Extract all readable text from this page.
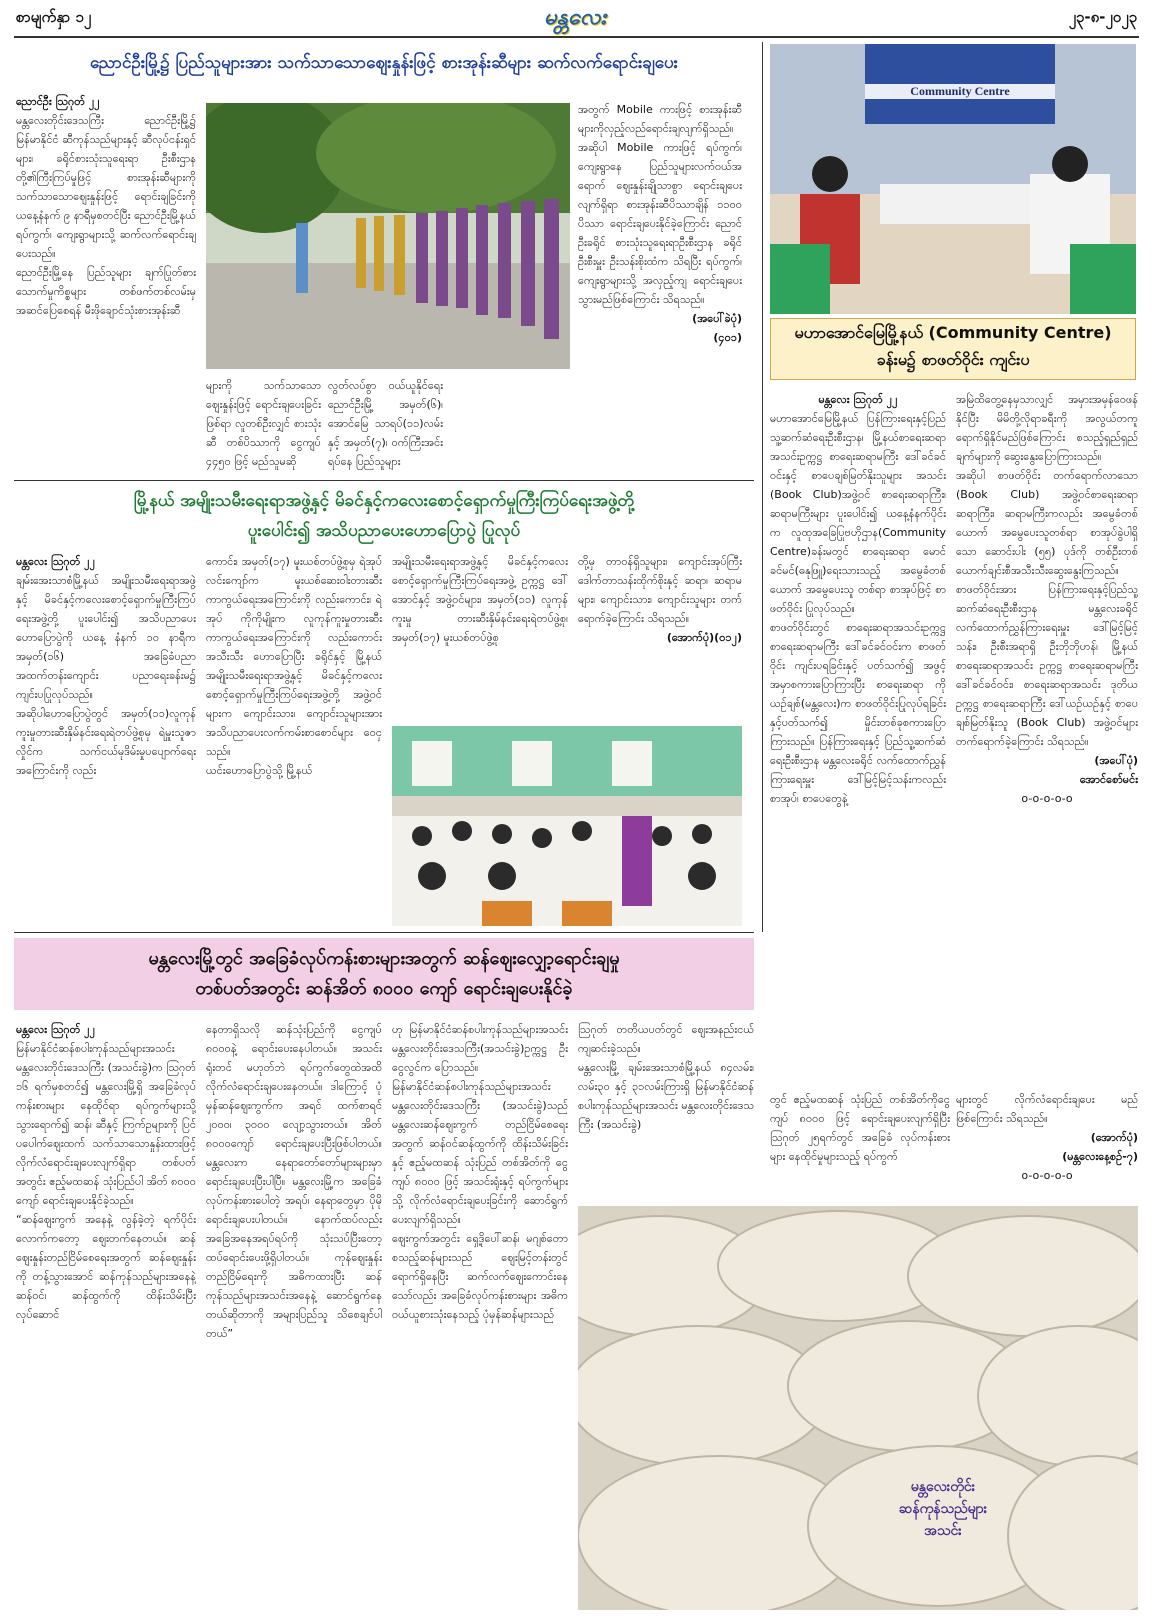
စာမျက်နှာ ၁၂	မန္တလေး	၂၃-၈-၂၀၂၃
ညောင်ဦးမြို့၌ ပြည်သူများအား သက်သာသောဈေးနှုန်းဖြင့် စားအုန်းဆီများ ဆက်လက်ရောင်းချပေး
ညောင်ဦး ဩဂုတ် ၂၂
မန္တလေးတိုင်းဒေသကြီး ညောင်ဦးမြို့၌ မြန်မာနိုင်ငံ ဆီကုန်သည်များနှင့် ဆီလုပ်ငန်းရှင်များ၊ ခရိုင်စားသုံးသူရေးရာ ဦးစီးဌာနတို့၏ကြီးကြပ်မှုဖြင့် စားအုန်းဆီများကို သက်သာသောဈေးနှုန်းဖြင့် ရောင်းချခြင်းကို ယနေ့နံနက် ၉ နာရီမှစတင်ပြီး ညောင်ဦးမြို့နယ် ရပ်ကွက်၊ ကျေးရွာများသို့ ဆက်လက်ရောင်းချပေးသည်။
ညောင်ဦးမြို့နေ ပြည်သူများ ချက်ပြုတ်စားသောက်မှုကိစ္စများ တစ်ဖက်တစ်လမ်းမှအဆင်ပြေစေရန် မီးဖိုချောင်သုံးစားအုန်းဆီ
များကို သက်သာသောဈေးနှုန်းဖြင့် ရောင်းချပေးခြင်းဖြစ်ရာ လူတစ်ဦးလျှင် စားသုံးဆီ တစ်ပိဿာကို ငွေကျပ် ၄၄၅၀ ဖြင့် မည်သူမဆို
လွတ်လပ်စွာ ဝယ်ယူနိုင်ရေး ညောင်ဦးမြို့ အမှတ်(၆)၊ အောင်မြေ သာရပ်(၁၁)လမ်းနှင့် အမှတ်(၇)၊ ဝက်ကြီးအင်းရပ်နေ ပြည်သူများ
အတွက် Mobile ကားဖြင့် စားအုန်းဆီများကိုလှည့်လည်ရောင်းချလျက်ရှိသည်။ အဆိုပါ Mobile ကားဖြင့် ရပ်ကွက်၊ ကျေးရွာနေ ပြည်သူများလက်ဝယ်အရောက် ဈေးနှုန်းချိုသာစွာ ရောင်းချပေးလျက်ရှိရာ စားအုန်းဆီပိဿာချိန် ၁၁၀၀ ပိဿာ ရောင်းချပေးနိုင်ခဲ့ကြောင်း ညောင်ဦးခရိုင် စားသုံးသူရေးရာဦးစီးဌာန ခရိုင်ဦးစီးမှူး ဦးသန်းစိုးထံက သိရပြီး ရပ်ကွက်၊ ကျေးရွာများသို့ အလှည့်ကျ ရောင်းချပေးသွားမည်ဖြစ်ကြောင်း သိရသည်။
(အပေါ်ခဲပုံ)
(၄၀၁)
Community Centre
မဟာအောင်မြေမြို့နယ် (Community Centre)
ခန်းမ၌ စာဖတ်ဝိုင်း ကျင်းပ
မန္တလေး ဩဂုတ် ၂၂
မဟာအောင်မြေမြို့နယ် ပြန်ကြားရေးနှင့်ပြည်သူ့ဆက်ဆံရေးဦးစီးဌာန၊ မြို့နယ်စာရေးဆရာအသင်းဥက္ကဋ္ဌ စာရေးဆရာမကြီး ဒေါ်ခင်ခင်ဝင်းနှင့် စာပေချစ်မြတ်နိုးသူများ အသင်း (Book Club)အဖွဲ့ဝင် စာရေးဆရာကြီး၊ ဆရာမကြီးများ ပူးပေါင်း၍ ယနေ့နံနက်ပိုင်းက လူထုအခြေပြုဗဟိုဌာန(Community Centre)ခန်းမတွင် စာရေးဆရာ မောင်ခင်မင်(ဓနုဖြူ)ရေးသားသည့် အမွေခံတစ်ယောက် အမွေပေးသူ တစ်ရာ စာအုပ်ဖြင့် စာဖတ်ဝိုင်း ပြုလုပ်သည်။
စာဖတ်ဝိုင်းတွင် စာရေးဆရာအသင်းဥက္ကဋ္ဌ စာရေးဆရာမကြီး ဒေါ်ခင်ခင်ဝင်းက စာဖတ်ဝိုင်း ကျင်းပရခြင်းနှင့် ပတ်သက်၍ အဖွင့်အမှာစကားပြောကြားပြီး စာရေးဆရာ ကိုယဉ်ချစ်(မန္တလေး)က စာဖတ်ဝိုင်းပြုလုပ်ရခြင်းနှင့်ပတ်သက်၍ မှိုင်းတစ်ခုစကားပြောကြားသည်။ ပြန်ကြားရေးနှင့် ပြည်သူ့ဆက်ဆံရေးဦးစီးဌာန မန္တလေးခရိုင် လက်ထောက်ညွှန်ကြားရေးမှူး ဒေါ်မြင့်မြင့်သန်းကလည်း စာအုပ်၊ စာပေတွေနဲ့
အမြဲထိတွေ့နေမှသာလျှင် အမှားအမှန်ဝေဖန်နိုင်ပြီး မိမိတို့လိုရာခရီးကို အလွယ်တကူ ရောက်ရှိနိုင်မည်ဖြစ်ကြောင်း စသည့်ရှည်ရှည်ချက်များကို ဆွေးနွေးပြောကြားသည်။
အဆိုပါ စာဖတ်ဝိုင်း တက်ရောက်လာသော (Book Club) အဖွဲ့ဝင်စာရေးဆရာ ဆရာကြီး၊ ဆရာမကြီးကလည်း အမွေခံတစ်ယောက် အမွေပေးသူတစ်ရာ စာအုပ်ခွဲပါရှိသော ဆောင်းပါး (၅၅) ပုဒ်ကို တစ်ဦးတစ်ယောက်ချင်းစီအသီးသီးဆွေးနွေးကြသည်။
စာဖတ်ဝိုင်းအား ပြန်ကြားရေးနှင့်ပြည်သူ့ဆက်ဆံရေးဦးစီးဌာန မန္တလေးခရိုင် လက်ထောက်ညွှန်ကြားရေးမှူး ဒေါ်မြင့်မြင့်သန်း၊ ဦးစီးအရာရှိ ဦးဘိုဘိုဟန်၊ မြို့နယ်စာရေးဆရာအသင်း ဥက္ကဋ္ဌ စာရေးဆရာမကြီး ဒေါ်ခင်ခင်ဝင်း၊ စာရေးဆရာအသင်း ဒုတိယဥက္ကဋ္ဌ စာရေးဆရာကြီး ဒေါ်ယဉ်ယဉ်နှင့် စာပေ ချစ်မြတ်နိုးသူ (Book Club) အဖွဲ့ဝင်များ တက်ရောက်ခဲ့ကြောင်း သိရသည်။
(အပေါ်ပုံ)
အောင်စော်မင်း
o-o-o-o-o
မြို့နယ် အမျိုးသမီးရေးရာအဖွဲ့နှင့် မိခင်နှင့်ကလေးစောင့်ရှောက်မှုကြီးကြပ်ရေးအဖွဲ့တို့
ပူးပေါင်း၍ အသိပညာပေးဟောပြောပွဲ ပြုလုပ်
မန္တလေး ဩဂုတ် ၂၂
ချမ်းအေးသာစံမြို့နယ် အမျိုးသမီးရေးရာအဖွဲ့နှင့် မိခင်နှင့်ကလေးစောင့်ရှောက်မှုကြီးကြပ်ရေးအဖွဲ့တို့ ပူးပေါင်း၍ အသိပညာပေးဟောပြောပွဲကို ယနေ့ နံနက် ၁၀ နာရီက အမှတ်(၁၆) အခြေခံပညာ အထက်တန်းကျောင်း ပညာရေးခန်းမ၌ ကျင်းပပြုလုပ်သည်။
အဆိုပါဟောပြောပွဲတွင် အမှတ်(၁၁)လူကုန်ကူးမှုတားဆီးနှိမ်နင်းရေးရဲတပ်ဖွဲ့စုမှ ရဲမှူးသူဇာလှိုင်က သက်ငယ်မုဒိမ်းမှုပပျောက်ရေးအကြောင်းကို လည်း
ကောင်း၊ အမှတ်(၁၇) မူးယစ်တပ်ဖွဲ့စုမှ ရဲအုပ် လင်းကျော်က မူးယစ်ဆေးဝါးတားဆီးကာကွယ်ရေးအကြောင်းကို လည်းကောင်း၊ ရဲအုပ် ကိုကိုမျိုးက လူကုန်ကူးမှုတားဆီးကာကွယ်ရေးအကြောင်းကို လည်းကောင်း အသီးသီး ဟောပြောပြီး ခရိုင်နှင့် မြို့နယ် အမျိုးသမီးရေးရာအဖွဲ့နှင့် မိခင်နှင့်ကလေး စောင့်ရှောက်မှုကြီးကြပ်ရေးအဖွဲ့တို့ အဖွဲ့ဝင်များက ကျောင်းသား၊ ကျောင်းသူများအား အသိပညာပေးလက်ကမ်းစာစောင်များ ဝေငှသည်။
ယင်းဟောပြောပွဲသို့ မြို့နယ်
အမျိုးသမီးရေးရာအဖွဲ့နှင့် မိခင်နှင့်ကလေးစောင့်ရှောက်မှုကြီးကြပ်ရေးအဖွဲ့ ဥက္ကဋ္ဌ ဒေါ်အောင်နှင့် အဖွဲ့ဝင်များ၊ အမှတ်(၁၁) လူကုန်ကူးမှု တားဆီးနှိမ်နင်းရေးရဲတပ်ဖွဲ့စု၊ အမှတ်(၁၇) မူးယစ်တပ်ဖွဲ့စု
တို့မှ တာဝန်ရှိသူများ၊ ကျောင်းအုပ်ကြီး ဒေါက်တာသန်းထိုက်စိုးနှင့် ဆရာ၊ ဆရာမများ၊ ကျောင်းသား၊ ကျောင်းသူများ တက်ရောက်ခဲ့ကြောင်း သိရသည်။
(အောက်ပုံ)(၀၁၂)
မန္တလေးမြို့တွင် အခြေခံလုပ်ကန်းစားများအတွက် ဆန်ဈေးလျှော့ရောင်းချမှု
တစ်ပတ်အတွင်း ဆန်အိတ် ၈၀၀၀ ကျော် ရောင်းချပေးနိုင်ခဲ့
မန္တလေး ဩဂုတ် ၂၂
မြန်မာနိုင်ငံဆန်စပါးကုန်သည်များအသင်း မန္တလေးတိုင်းဒေသကြီး (အသင်းခွဲ)က ဩဂုတ် ၁၆ ရက်မှစတင်၍ မန္တလေးမြို့ရှိ အခြေခံလုပ်ကန်းစားများ နေထိုင်ရာ ရပ်ကွက်များသို့ သွားရောက်၍ ဆန်၊ ဆီနှင့် ကြက်ဥများကို ပြင်ပပေါက်ဈေးထက် သက်သာသောနှုန်းထားဖြင့် လိုက်လံရောင်းချပေးလျက်ရှိရာ တစ်ပတ်အတွင်း ဧည့်မထဆန် သုံးပြည်ပါ အိတ် ၈၀၀၀ ကျော် ရောင်းချပေးနိုင်ခဲ့သည်။
“ဆန်ဈေးကွက် အနေနဲ့ လွန်ခဲ့တဲ့ ရက်ပိုင်းလောက်ကတော့ ဈေးတက်နေတယ်။ ဆန်ဈေးနှုန်းတည်ငြိမ်စေရေးအတွက် ဆန်ဈေးနှုန်းကို တန့်သွားအောင် ဆန်ကုန်သည်များအနေနဲ့ ဆန်ဝင်၊ ဆန်ထွက်ကို ထိန်းသိမ်းပြီး လုပ်ဆောင်
နေတာရှိသလို ဆန်သုံးပြည်ကို ငွေကျပ် ၈၀၀၀နဲ့ ရောင်းပေးနေပါတယ်။ အသင်းရုံးတင် မဟုတ်ဘဲ ရပ်ကွက်တွေထဲအထိ လိုက်လံရောင်းချပေးနေတယ်။ ဒါကြောင့် ပုံမှန်ဆန်ဈေးကွက်က အရင် ထက်စာရင် ၂၀၀၀၊ ၃၀၀၀ လျော့သွားတယ်။ အိတ် ၈၀၀၀ကျော် ရောင်းချပေးပြီးဖြစ်ပါတယ်။ မန္တလေးက နေရာတော်တော်များများမှာ ရောင်းချပေးပြီးပါပြီ။ မန္တလေးမြို့က အခြေခံလုပ်ကန်းစားပေါတဲ့ အရပ်၊ နေရာတွေမှာ ပိုမို ရောင်းချပေးပါတယ်။ နောက်ထပ်လည်း အခြေအနေအရပ်ရပ်ကို သုံးသပ်ပြီးတော့ ထပ်ရောင်းပေးဖို့ရှိပါတယ်။ ကုန်ဈေးနှုန်း တည်ငြိမ်ရေးကို အဓိကထားပြီး ဆန်ကုန်သည်များအသင်းအနေနဲ့ ဆောင်ရွက်နေတယ်ဆိုတာကို အများပြည်သူ သိစေချင်ပါတယ်”
ဟု မြန်မာနိုင်ငံဆန်စပါးကုန်သည်များအသင်း မန္တလေးတိုင်းဒေသကြီး(အသင်းခွဲ)ဥက္ကဋ္ဌ ဦးငွေလွင်က ပြောသည်။
မြန်မာနိုင်ငံဆန်စပါးကုန်သည်များအသင်း မန္တလေးတိုင်းဒေသကြီး (အသင်းခွဲ)သည် မန္တလေးဆန်ဈေးကွက် တည်ငြိမ်စေရေးအတွက် ဆန်ဝင်ဆန်ထွက်ကို ထိန်းသိမ်းခြင်းနှင့် ဧည့်မထဆန် သုံးပြည် တစ်အိတ်ကို ငွေကျပ် ၈၀၀၀ ဖြင့် အသင်းရုံးနှင့် ရပ်ကွက်များသို့ လိုက်လံရောင်းချပေးခြင်းကို ဆောင်ရွက်ပေးလျက်ရှိသည်။
ဈေးကွက်အတွင်း ရှေ့ဒိုပေါ်ဆန်၊ မဂျစ်တော စသည့်ဆန်များသည် ဈေးမြင့်တန်းတွင် ရောက်ရှိနေပြီး ဆက်လက်ဈေးကောင်းနေသော်လည်း အခြေခံလုပ်ကန်းစားများ အဓိက ဝယ်ယူစားသုံးနေသည့် ပုံမှန်ဆန်များသည်
ဩဂုတ် တတိယပတ်တွင် ဈေးအနည်းငယ် ကျဆင်းခဲ့သည်။
မန္တလေးမြို့ ချမ်းအေးသာစံမြို့နယ် ၈၄လမ်း၊ လမ်း၃၀ နှင့် ၃၁လမ်းကြားရှိ မြန်မာနိုင်ငံဆန်စပါးကုန်သည်များအသင်း မန္တလေးတိုင်းဒေသကြီး (အသင်းခွဲ)
တွင် ဧည့်မထဆန် သုံးပြည် တစ်အိတ်ကိုငွေကျပ် ၈၀၀၀ ဖြင့် ရောင်းချပေးလျက်ရှိပြီး ဩဂုတ် ၂၅ရက်တွင် အခြေခံ လုပ်ကန်းစားများ နေထိုင်မှုများသည့် ရပ်ကွက်
များတွင် လိုက်လံရောင်းချပေး မည်ဖြစ်ကြောင်း သိရသည်။
(အောက်ပုံ)
(မန္တလေးနေ့စဉ်-၇)
o-o-o-o-o
မန္တလေးတိုင်း
ဆန်ကုန်သည်များ
အသင်း
